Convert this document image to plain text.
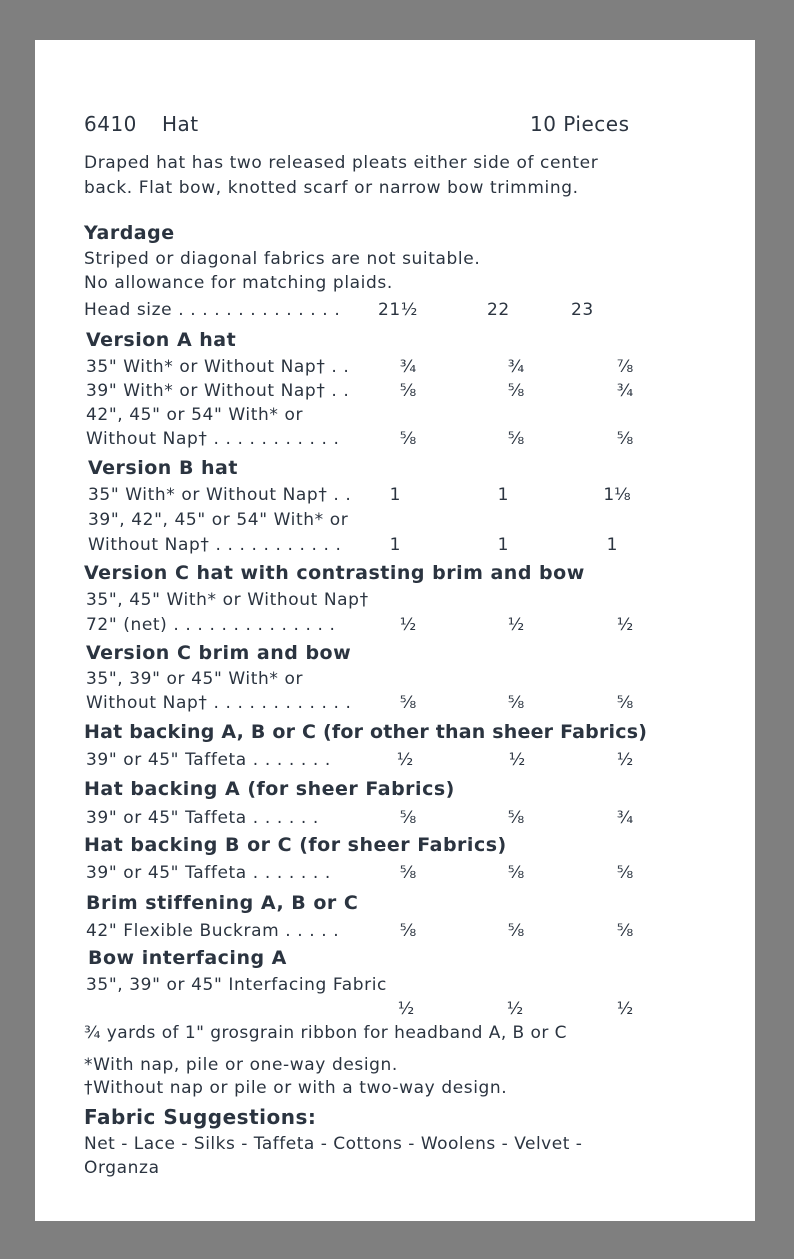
6410 Hat	10 Pieces
Draped hat has two released pleats either side of center
back. Flat bow, knotted scarf or narrow bow trimming.
Yardage
Striped or diagonal fabrics are not suitable.
No allowance for matching plaids.
Head size . . . . . . . . . . . . . . 21½	22	23
Version A hat
35" With* or Without Nap† . .	¾	¾	⅞
39" With* or Without Nap† . .	⅝	⅝	¾
42", 45" or 54" With* or
Without Nap† . . . . . . . . . . .	⅝	⅝	⅝
Version B hat
35" With* or Without Nap† . .	1	1	1⅛
39", 42", 45" or 54" With* or
Without Nap† . . . . . . . . . . .	1	1	1
Version C hat with contrasting brim and bow
35", 45" With* or Without Nap†
72" (net) . . . . . . . . . . . . . .	½	½	½
Version C brim and bow
35", 39" or 45" With* or
Without Nap† . . . . . . . . . . . .	⅝	⅝	⅝
Hat backing A, B or C (for other than sheer Fabrics)
39" or 45" Taffeta . . . . . . .	½	½	½
Hat backing A (for sheer Fabrics)
39" or 45" Taffeta . . . . . .	⅝	⅝	¾
Hat backing B or C (for sheer Fabrics)
39" or 45" Taffeta . . . . . . .	⅝	⅝	⅝
Brim stiffening A, B or C
42" Flexible Buckram . . . . .	⅝	⅝	⅝
Bow interfacing A
35", 39" or 45" Interfacing Fabric
½	½	½
¾ yards of 1" grosgrain ribbon for headband A, B or C
*With nap, pile or one-way design.
†Without nap or pile or with a two-way design.
Fabric Suggestions:
Net - Lace - Silks - Taffeta - Cottons - Woolens - Velvet -
Organza
